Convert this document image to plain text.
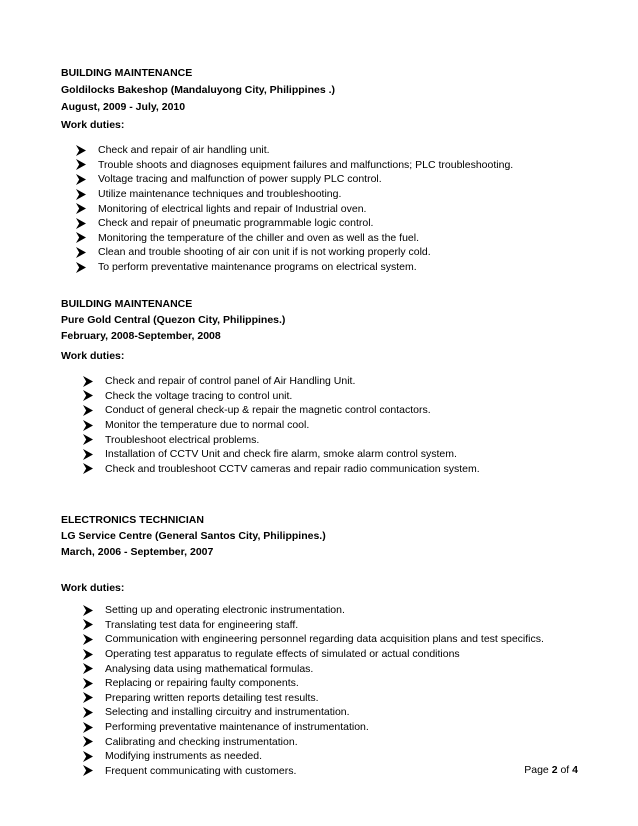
BUILDING MAINTENANCE
Goldilocks Bakeshop (Mandaluyong City, Philippines .)
August, 2009 - July, 2010
Work duties:
Check and repair of air handling unit.
Trouble shoots and diagnoses equipment failures and malfunctions; PLC troubleshooting.
Voltage tracing and malfunction of power supply PLC control.
Utilize maintenance techniques and troubleshooting.
Monitoring of electrical lights and repair of Industrial oven.
Check and repair of pneumatic programmable logic control.
Monitoring the temperature of the chiller and oven as well as the fuel.
Clean and trouble shooting of air con unit if is not working properly cold.
To perform preventative maintenance programs on electrical system.
BUILDING MAINTENANCE
Pure Gold Central (Quezon City, Philippines.)
February, 2008-September, 2008
Work duties:
Check and repair of control panel of Air Handling Unit.
Check the voltage tracing to control unit.
Conduct of general check-up & repair the magnetic control contactors.
Monitor the temperature due to normal cool.
Troubleshoot electrical problems.
Installation of CCTV Unit and check fire alarm, smoke alarm control system.
Check and troubleshoot CCTV cameras and repair radio communication system.
ELECTRONICS TECHNICIAN
LG Service Centre (General Santos City, Philippines.)
March, 2006 - September, 2007
Work duties:
Setting up and operating electronic instrumentation.
Translating test data for engineering staff.
Communication with engineering personnel regarding data acquisition plans and test specifics.
Operating test apparatus to regulate effects of simulated or actual conditions
Analysing data using mathematical formulas.
Replacing or repairing faulty components.
Preparing written reports detailing test results.
Selecting and installing circuitry and instrumentation.
Performing preventative maintenance of instrumentation.
Calibrating and checking instrumentation.
Modifying instruments as needed.
Frequent communicating with customers.	Page 2 of 4
